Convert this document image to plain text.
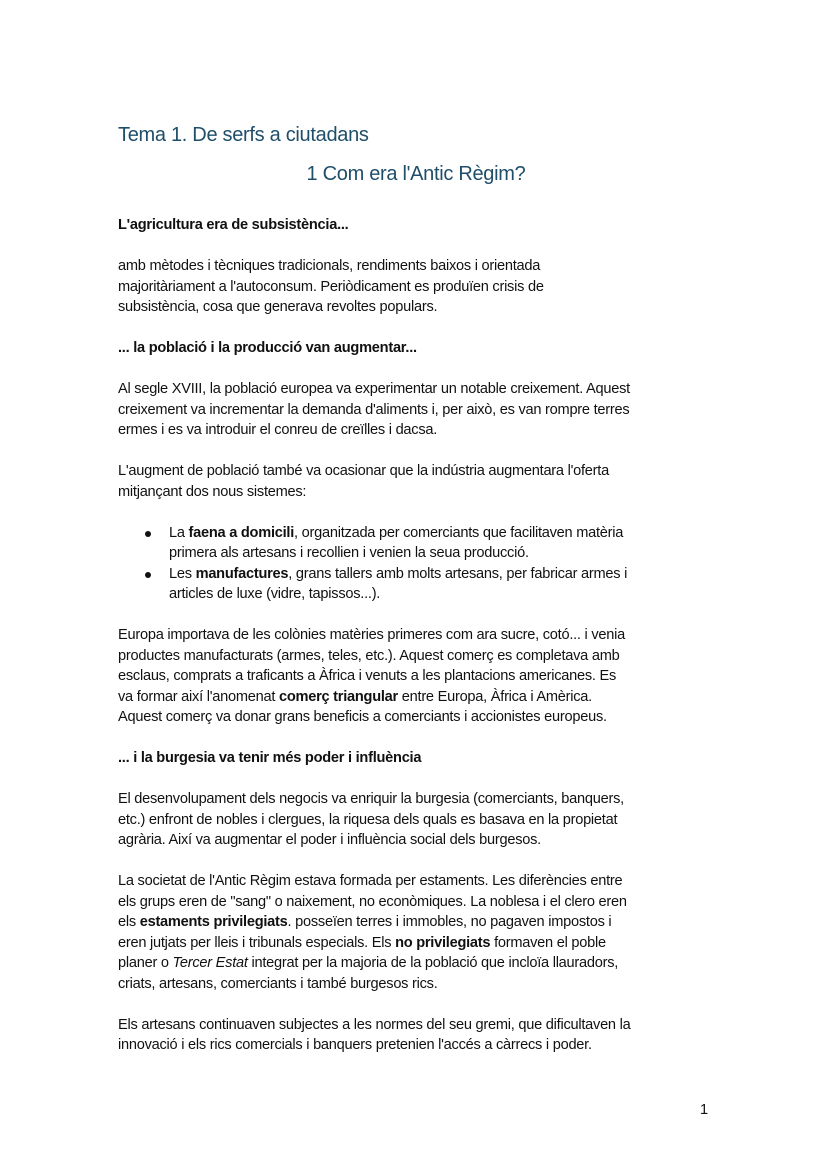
Tema 1. De serfs a ciutadans
1 Com era l'Antic Règim?
L'agricultura era de subsistència...
amb mètodes i tècniques tradicionals, rendiments baixos i orientada
majoritàriament a l'autoconsum. Periòdicament es produïen crisis de
subsistència, cosa que generava revoltes populars.
... la població i la producció van augmentar...
Al segle XVIII, la població europea va experimentar un notable creixement. Aquest
creixement va incrementar la demanda d'aliments i, per això, es van rompre terres
ermes i es va introduir el conreu de creïlles i dacsa.
L'augment de població també va ocasionar que la indústria augmentara l'oferta
mitjançant dos nous sistemes:
La faena a domicili, organitzada per comerciants que facilitaven matèria
primera als artesans i recollien i venien la seua producció.
Les manufactures, grans tallers amb molts artesans, per fabricar armes i
articles de luxe (vidre, tapissos...).
Europa importava de les colònies matèries primeres com ara sucre, cotó... i venia
productes manufacturats (armes, teles, etc.). Aquest comerç es completava amb
esclaus, comprats a traficants a Àfrica i venuts a les plantacions americanes. Es
va formar així l'anomenat comerç triangular entre Europa, Àfrica i Amèrica.
Aquest comerç va donar grans beneficis a comerciants i accionistes europeus.
... i la burgesia va tenir més poder i influència
El desenvolupament dels negocis va enriquir la burgesia (comerciants, banquers,
etc.) enfront de nobles i clergues, la riquesa dels quals es basava en la propietat
agrària. Així va augmentar el poder i influència social dels burgesos.
La societat de l'Antic Règim estava formada per estaments. Les diferències entre
els grups eren de "sang" o naixement, no econòmiques. La noblesa i el clero eren
els estaments privilegiats. posseïen terres i immobles, no pagaven impostos i
eren jutjats per lleis i tribunals especials. Els no privilegiats formaven el poble
planer o Tercer Estat integrat per la majoria de la població que incloïa llauradors,
criats, artesans, comerciants i també burgesos rics.
Els artesans continuaven subjectes a les normes del seu gremi, que dificultaven la
innovació i els rics comercials i banquers pretenien l'accés a càrrecs i poder.
1
